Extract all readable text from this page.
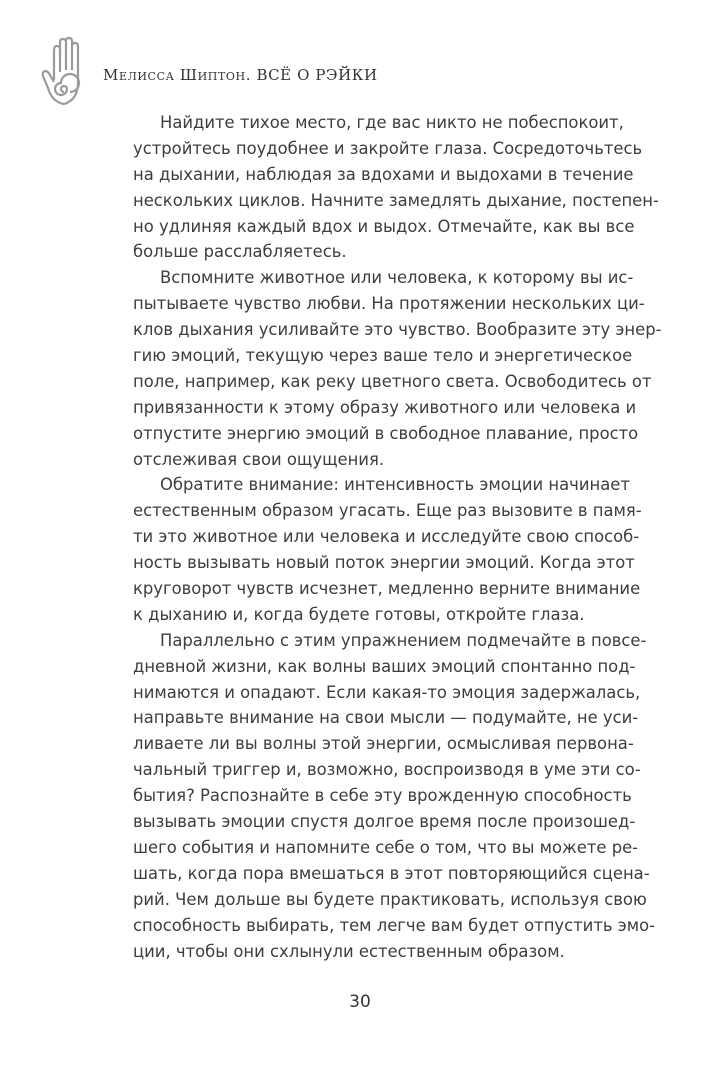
Мелисса Шиптон. ВСЁ О РЭЙКИ
Найдите тихое место, где вас никто не побеспокоит,
устройтесь поудобнее и закройте глаза. Сосредоточьтесь
на дыхании, наблюдая за вдохами и выдохами в течение
нескольких циклов. Начните замедлять дыхание, постепен-
но удлиняя каждый вдох и выдох. Отмечайте, как вы все
больше расслабляетесь.
Вспомните животное или человека, к которому вы ис-
пытываете чувство любви. На протяжении нескольких ци-
клов дыхания усиливайте это чувство. Вообразите эту энер-
гию эмоций, текущую через ваше тело и энергетическое
поле, например, как реку цветного света. Освободитесь от
привязанности к этому образу животного или человека и
отпустите энергию эмоций в свободное плавание, просто
отслеживая свои ощущения.
Обратите внимание: интенсивность эмоции начинает
естественным образом угасать. Еще раз вызовите в памя-
ти это животное или человека и исследуйте свою способ-
ность вызывать новый поток энергии эмоций. Когда этот
круговорот чувств исчезнет, медленно верните внимание
к дыханию и, когда будете готовы, откройте глаза.
Параллельно с этим упражнением подмечайте в повсе-
дневной жизни, как волны ваших эмоций спонтанно под-
нимаются и опадают. Если какая-то эмоция задержалась,
направьте внимание на свои мысли — подумайте, не уси-
ливаете ли вы волны этой энергии, осмысливая первона-
чальный триггер и, возможно, воспроизводя в уме эти со-
бытия? Распознайте в себе эту врожденную способность
вызывать эмоции спустя долгое время после произошед-
шего события и напомните себе о том, что вы можете ре-
шать, когда пора вмешаться в этот повторяющийся сцена-
рий. Чем дольше вы будете практиковать, используя свою
способность выбирать, тем легче вам будет отпустить эмо-
ции, чтобы они схлынули естественным образом.
30
